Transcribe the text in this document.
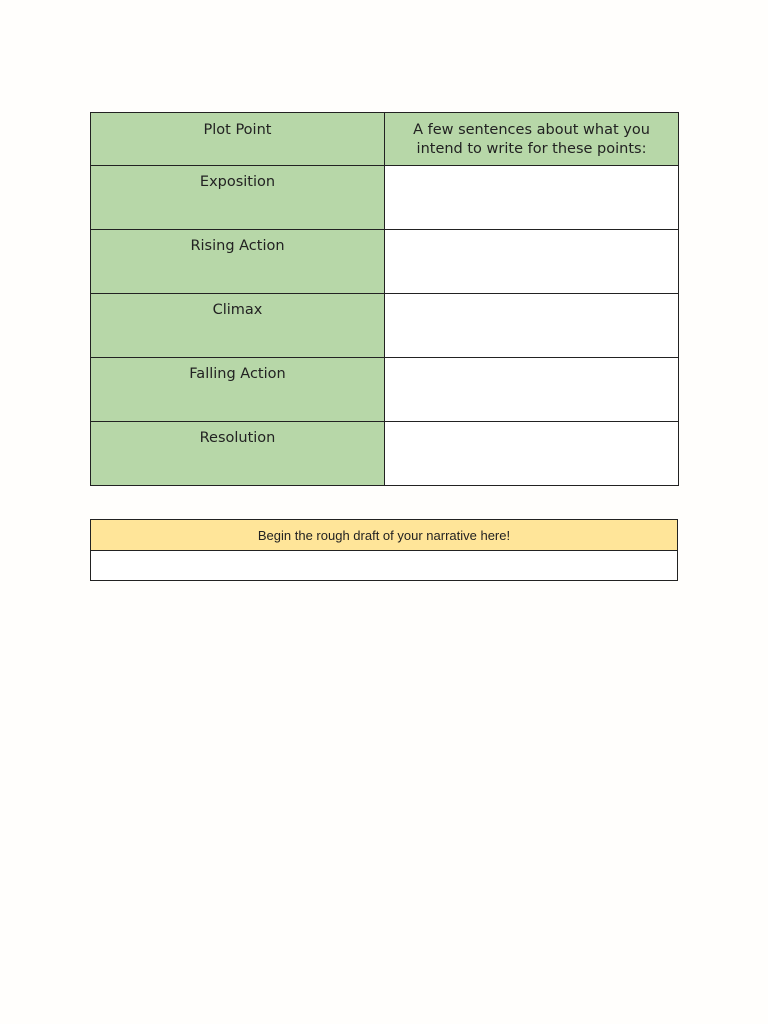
Plot Point	A few sentences about what you intend to write for these points:

Exposition	

Rising Action	

Climax	

Falling Action	

Resolution	

Begin the rough draft of your narrative here!
